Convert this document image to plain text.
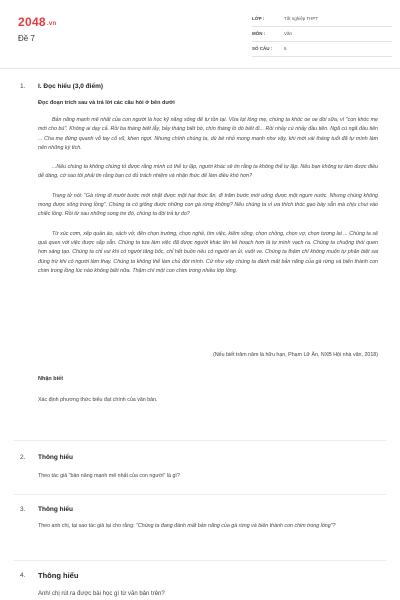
2048.vn
Đề 7
LỚP :	Tốt nghiệp THPT
MÔN :	Văn
SỐ CÂU :	6
1. I. Đọc hiểu (3,0 điểm)
Đọc đoạn trích sau và trả lời các câu hỏi ở bên dưới

Bản năng mạnh mẽ nhất của con người là học kỹ năng sống để tự tồn tại. Vừa lọt lòng mẹ, chúng ta khóc oe oe đòi sữa, vì "con khóc mẹ mới cho bú". Không ai dạy cả. Rồi ba tháng biết lẫy, bảy tháng biết bò, chín tháng lò dò biết đi... Rồi nhảy cú nhảy đầu tiên. Ngã cú ngã đầu tiên ... Cha mẹ đứng quanh vỗ tay cổ vũ, khen ngợi. Nhưng chính chúng ta, dù bé nhỏ mong manh như vậy, khi mới vài tháng tuổi đã tự mình làm nên những kỳ tích.

...Nếu chúng ta không chứng tỏ được rằng mình có thể tự lập, người khác sẽ tin rằng ta không thể tự lập. Nếu bạn không tự làm được điều dễ dàng, cớ sao tôi phải tin rằng bạn có đủ trách nhiệm và nhận thức để làm điều khó hơn?

Trang tử nói: "Gà rừng đi mười bước mới nhặt được một hạt thức ăn, đi trăm bước mới uống được một ngụm nước. Nhưng chúng không mong được sống trong lồng". Chúng ta có giống được những con gà rừng không? Nếu chúng ta vì ưa thích thóc gạo bày sẵn mà chịu chui vào chiếc lồng. Rồi từ sau những song tre đó, chúng ta đòi trả tự do?

Từ xúc cơm, xếp quần áo, sách vở, đến chọn trường, chọn nghề, tìm việc, kiếm sống, chọn chồng, chọn vợ, chọn tương lai ... Chúng ta sẽ quá quen với việc được sắp sẵn. Chúng ta tưa làm việc đã được người khác lên kế hoạch hơn là tự mình vạch ra. Chúng ta chuộng thói quen hơn sáng tạo. Chúng ta chỉ vui khi có người tâng bốc, chỉ hết buồn nếu có người an ủi, vuốt ve. Chúng ta thậm chí không muốn tự phân biệt sai đúng trừ khi có người làm thay. Chúng ta không thể làm chủ đời mình. Cứ như vậy chúng ta đánh mất bản năng của gà rừng và biến thành con chim trong lồng lúc nào không biết nữa. Thậm chí một con chim trong nhiều lớp lồng.

(Nếu biết trăm năm là hữu hạn, Phạm Lữ Ân, NXB Hội nhà văn, 2018)
Nhận biết
Xác định phương thức biểu đạt chính của văn bản.
2. Thông hiểu
Theo tác giả "bản năng mạnh mẽ nhất của con người" là gì?
3. Thông hiểu
Theo anh chị, tại sao tác giả lại cho rằng: "Chúng ta đang đánh mất bản năng của gà rừng và biến thành con chim trong lồng"?
4. Thông hiểu
Anh/ chị rút ra được bài học gì từ văn bản trên?
